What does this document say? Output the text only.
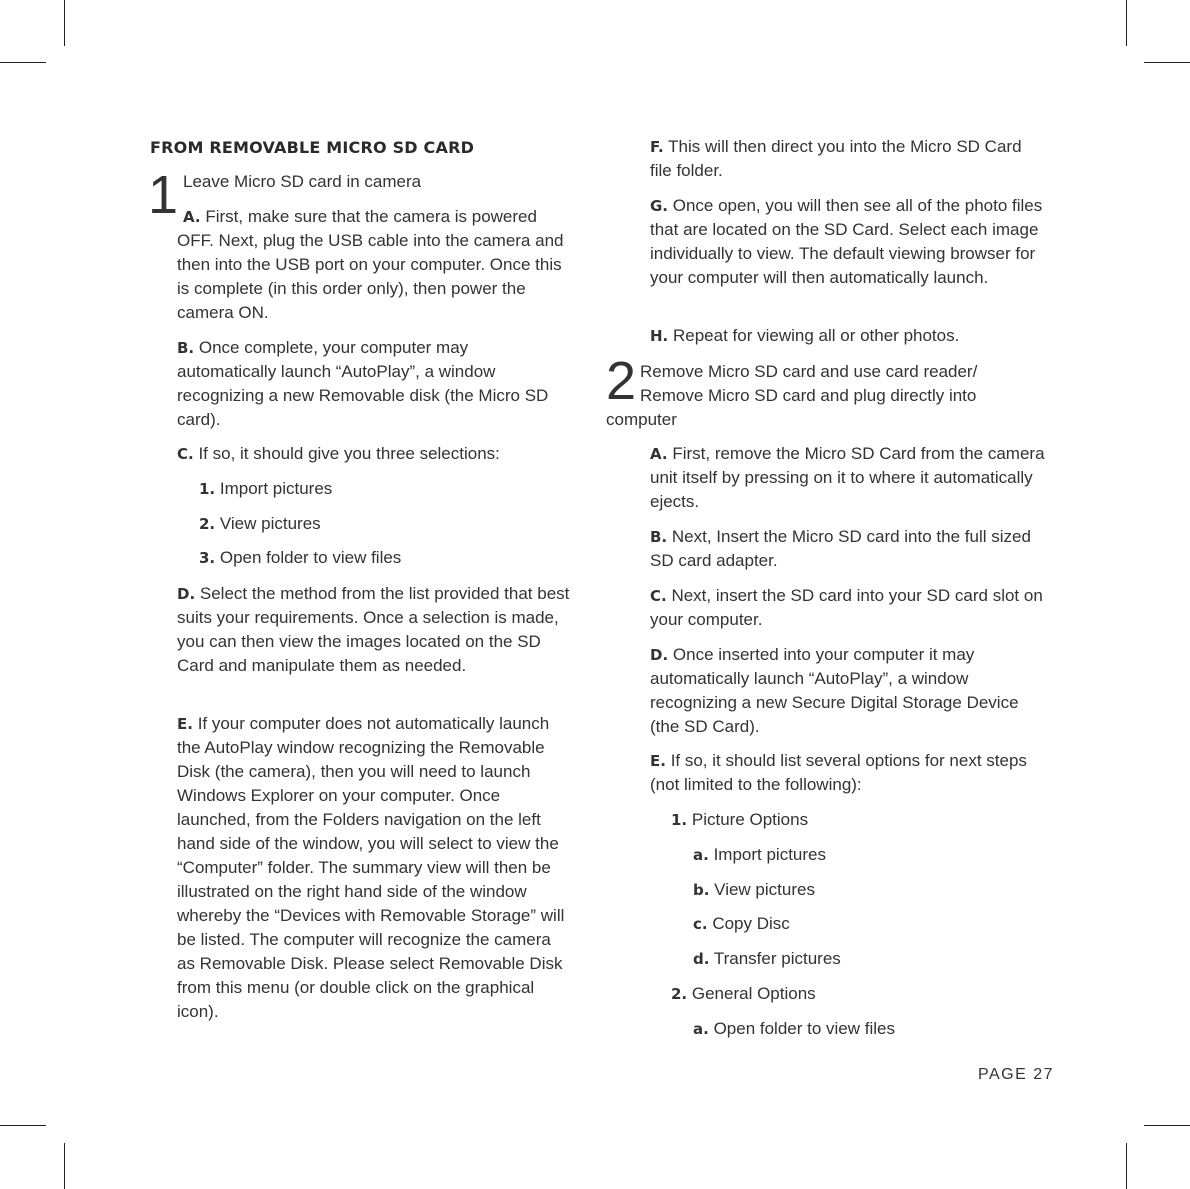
FROM REMOVABLE MICRO SD CARD
1 Leave Micro SD card in camera
A. First, make sure that the camera is powered
OFF. Next, plug the USB cable into the camera and then into the USB port on your computer. Once this is complete (in this order only), then power the camera ON.
B. Once complete, your computer may automatically launch “AutoPlay”, a window recognizing a new Removable disk (the Micro SD card).
C. If so, it should give you three selections:
1. Import pictures
2. View pictures
3. Open folder to view files
D. Select the method from the list provided that best suits your requirements. Once a selection is made, you can then view the images located on the SD Card and manipulate them as needed.
E. If your computer does not automatically launch the AutoPlay window recognizing the Removable Disk (the camera), then you will need to launch Windows Explorer on your computer. Once launched, from the Folders navigation on the left hand side of the window, you will select to view the “Computer” folder. The summary view will then be illustrated on the right hand side of the window whereby the “Devices with Removable Storage” will be listed. The computer will recognize the camera as Removable Disk. Please select Removable Disk from this menu (or double click on the graphical icon).
F. This will then direct you into the Micro SD Card file folder.
G. Once open, you will then see all of the photo files that are located on the SD Card. Select each image individually to view. The default viewing browser for your computer will then automatically launch.
H. Repeat for viewing all or other photos.
2 Remove Micro SD card and use card reader/
Remove Micro SD card and plug directly into
computer
A. First, remove the Micro SD Card from the camera unit itself by pressing on it to where it automatically ejects.
B. Next, Insert the Micro SD card into the full sized SD card adapter.
C. Next, insert the SD card into your SD card slot on your computer.
D. Once inserted into your computer it may automatically launch “AutoPlay”, a window recognizing a new Secure Digital Storage Device (the SD Card).
E. If so, it should list several options for next steps (not limited to the following):
1. Picture Options
a. Import pictures
b. View pictures
c. Copy Disc
d. Transfer pictures
2. General Options
a. Open folder to view files
PAGE 27
